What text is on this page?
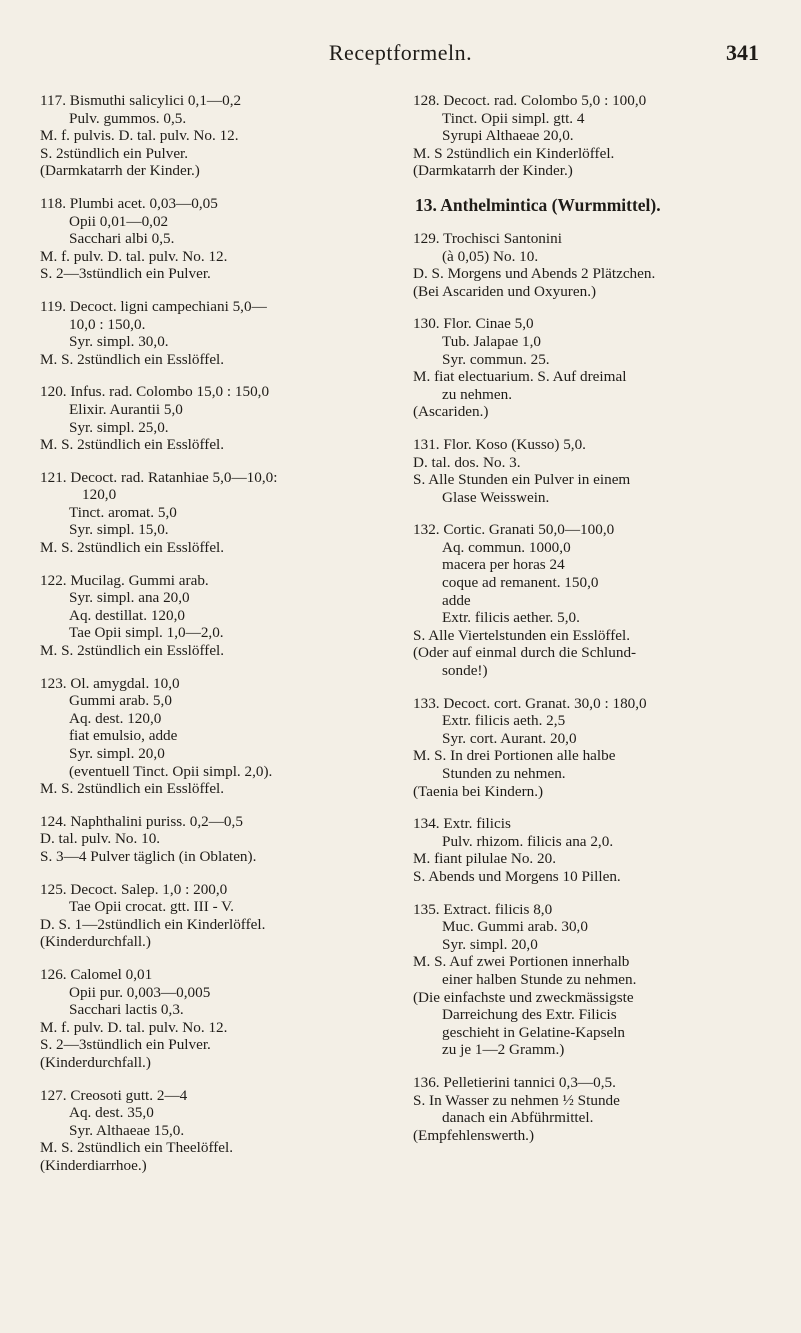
Receptformeln.	341
117. Bismuthi salicylici 0,1—0,2
Pulv. gummos. 0,5.
M. f. pulvis. D. tal. pulv. No. 12.
S. 2stündlich ein Pulver.
(Darmkatarrh der Kinder.)
118. Plumbi acet. 0,03—0,05
Opii 0,01—0,02
Sacchari albi 0,5.
M. f. pulv. D. tal. pulv. No. 12.
S. 2—3stündlich ein Pulver.
119. Decoct. ligni campechiani 5,0—
10,0 : 150,0.
Syr. simpl. 30,0.
M. S. 2stündlich ein Esslöffel.
120. Infus. rad. Colombo 15,0 : 150,0
Elixir. Aurantii 5,0
Syr. simpl. 25,0.
M. S. 2stündlich ein Esslöffel.
121. Decoct. rad. Ratanhiae 5,0—10,0:
120,0
Tinct. aromat. 5,0
Syr. simpl. 15,0.
M. S. 2stündlich ein Esslöffel.
122. Mucilag. Gummi arab.
Syr. simpl. ana 20,0
Aq. destillat. 120,0
Tae Opii simpl. 1,0—2,0.
M. S. 2stündlich ein Esslöffel.
123. Ol. amygdal. 10,0
Gummi arab. 5,0
Aq. dest. 120,0
fiat emulsio, adde
Syr. simpl. 20,0
(eventuell Tinct. Opii simpl. 2,0).
M. S. 2stündlich ein Esslöffel.
124. Naphthalini puriss. 0,2—0,5
D. tal. pulv. No. 10.
S. 3—4 Pulver täglich (in Oblaten).
125. Decoct. Salep. 1,0 : 200,0
Tae Opii crocat. gtt. III - V.
D. S. 1—2stündlich ein Kinderlöffel.
(Kinderdurchfall.)
126. Calomel 0,01
Opii pur. 0,003—0,005
Sacchari lactis 0,3.
M. f. pulv. D. tal. pulv. No. 12.
S. 2—3stündlich ein Pulver.
(Kinderdurchfall.)
127. Creosoti gutt. 2—4
Aq. dest. 35,0
Syr. Althaeae 15,0.
M. S. 2stündlich ein Theelöffel.
(Kinderdiarrhoe.)
128. Decoct. rad. Colombo 5,0 : 100,0
Tinct. Opii simpl. gtt. 4
Syrupi Althaeae 20,0.
M. S 2stündlich ein Kinderlöffel.
(Darmkatarrh der Kinder.)
13. Anthelmintica (Wurmmittel).
129. Trochisci Santonini
(à 0,05) No. 10.
D. S. Morgens und Abends 2 Plätzchen.
(Bei Ascariden und Oxyuren.)
130. Flor. Cinae 5,0
Tub. Jalapae 1,0
Syr. commun. 25.
M. fiat electuarium. S. Auf dreimal
zu nehmen.
(Ascariden.)
131. Flor. Koso (Kusso) 5,0.
D. tal. dos. No. 3.
S. Alle Stunden ein Pulver in einem
Glase Weisswein.
132. Cortic. Granati 50,0—100,0
Aq. commun. 1000,0
macera per horas 24
coque ad remanent. 150,0
adde
Extr. filicis aether. 5,0.
S. Alle Viertelstunden ein Esslöffel.
(Oder auf einmal durch die Schlund-
sonde!)
133. Decoct. cort. Granat. 30,0 : 180,0
Extr. filicis aeth. 2,5
Syr. cort. Aurant. 20,0
M. S. In drei Portionen alle halbe
Stunden zu nehmen.
(Taenia bei Kindern.)
134. Extr. filicis
Pulv. rhizom. filicis ana 2,0.
M. fiant pilulae No. 20.
S. Abends und Morgens 10 Pillen.
135. Extract. filicis 8,0
Muc. Gummi arab. 30,0
Syr. simpl. 20,0
M. S. Auf zwei Portionen innerhalb
einer halben Stunde zu nehmen.
(Die einfachste und zweckmässigste
Darreichung des Extr. Filicis
geschieht in Gelatine-Kapseln
zu je 1—2 Gramm.)
136. Pelletierini tannici 0,3—0,5.
S. In Wasser zu nehmen ½ Stunde
danach ein Abführmittel.
(Empfehlenswerth.)
